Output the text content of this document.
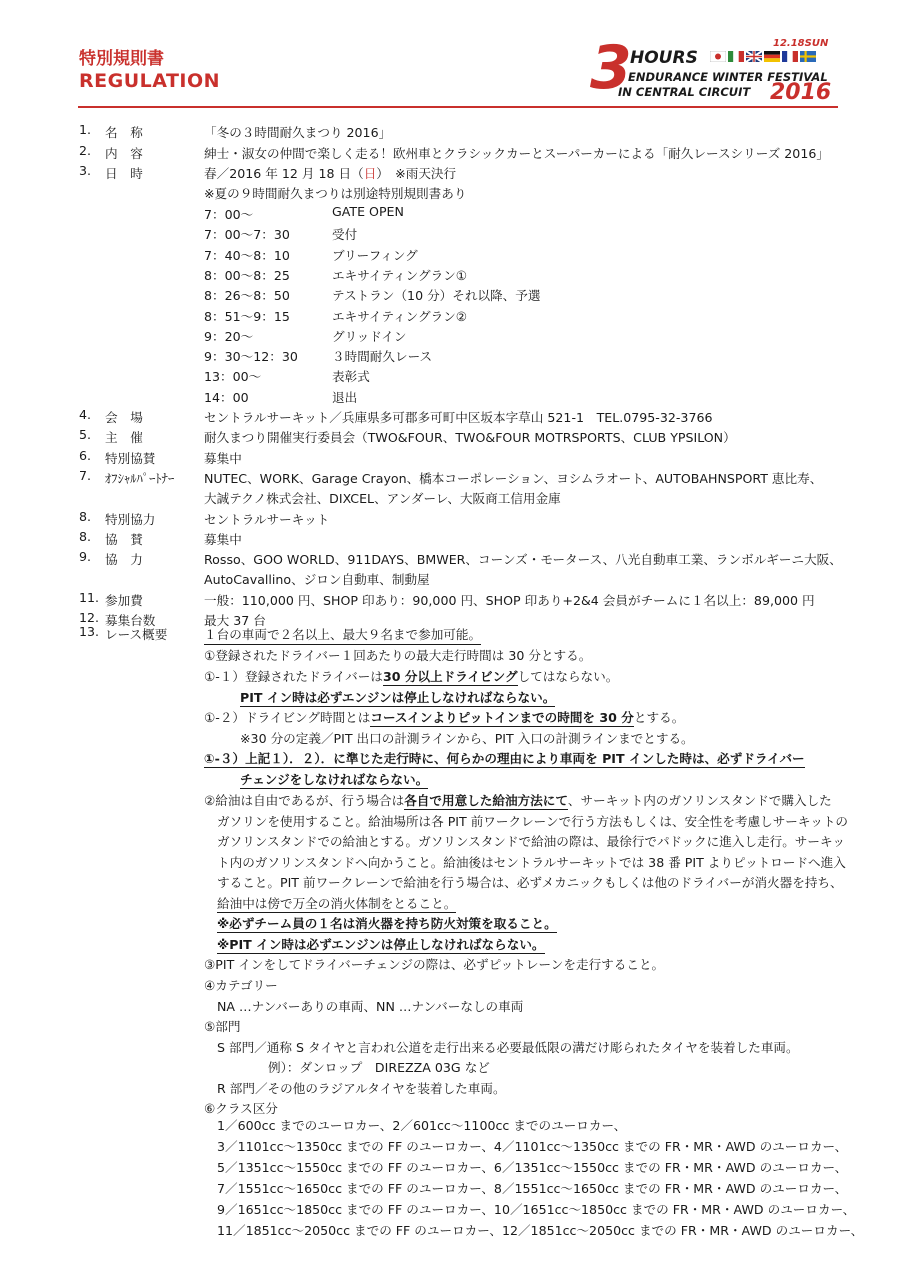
特別規則書
REGULATION	3
HOURS
12.18SUN
ENDURANCE WINTER FESTIVAL
IN CENTRAL CIRCUIT 2016
1. 名　称	「冬の３時間耐久まつり 2016」
2. 内　容	紳士・淑女の仲間で楽しく走る！欧州車とクラシックカーとスーパーカーによる「耐久レースシリーズ 2016」
3. 日　時	春／2016 年 12 月 18 日（日）　※雨天決行
※夏の９時間耐久まつりは別途特別規則書あり
7：00〜	GATE OPEN
7：00〜7：30	受付
7：40〜8：10	ブリーフィング
8：00〜8：25	エキサイティングラン①
8：26〜8：50	テストラン（10 分）それ以降、予選
8：51〜9：15	エキサイティングラン②
9：20〜	グリッドイン
9：30〜12：30	３時間耐久レース
13：00〜	表彰式
14：00	退出
4. 会　場	セントラルサーキット／兵庫県多可郡多可町中区坂本字草山 521-1　TEL.0795-32-3766
5. 主　催	耐久まつり開催実行委員会（TWO&FOUR、TWO&FOUR MOTRSPORTS、CLUB YPSILON）
6. 特別協賛	募集中
7. ｵﾌｼｬﾙﾊﾟｰﾄﾅｰ NUTEC、WORK、Garage Crayon、橋本コーポレーション、ヨシムラオート、AUTOBAHNSPORT 恵比寿、
大誠テクノ株式会社、DIXCEL、アンダーレ、大阪商工信用金庫
8. 特別協力	セントラルサーキット
8. 協　賛	募集中
9. 協　力	Rosso、GOO WORLD、911DAYS、BMWER、コーンズ・モータース、八光自動車工業、ランボルギーニ大阪、
AutoCavallino、ジロン自動車、制動屋
11. 参加費	一般：110,000 円、SHOP 印あり：90,000 円、SHOP 印あり+2&4 会員がチームに１名以上：89,000 円
12. 募集台数	最大 37 台
13. レース概要	１台の車両で２名以上、最大９名まで参加可能。
①登録されたドライバー１回あたりの最大走行時間は 30 分とする。
①-１）登録されたドライバーは30 分以上ドライビングしてはならない。
PIT イン時は必ずエンジンは停止しなければならない。
①-２）ドライビング時間とはコースインよりピットインまでの時間を 30 分とする。
※30 分の定義／PIT 出口の計測ラインから、PIT 入口の計測ラインまでとする。
①-３）上記１）．２）．に準じた走行時に、何らかの理由により車両を PIT インした時は、必ずドライバー
チェンジをしなければならない。
②給油は自由であるが、行う場合は各自で用意した給油方法にて、サーキット内のガソリンスタンドで購入した
ガソリンを使用すること。給油場所は各 PIT 前ワークレーンで行う方法もしくは、安全性を考慮しサーキットの
ガソリンスタンドでの給油とする。ガソリンスタンドで給油の際は、最徐行でパドックに進入し走行。サーキッ
ト内のガソリンスタンドへ向かうこと。給油後はセントラルサーキットでは 38 番 PIT よりピットロードへ進入
すること。PIT 前ワークレーンで給油を行う場合は、必ずメカニックもしくは他のドライバーが消火器を持ち、
給油中は傍で万全の消火体制をとること。
※必ずチーム員の１名は消火器を持ち防火対策を取ること。
※PIT イン時は必ずエンジンは停止しなければならない。
③PIT インをしてドライバーチェンジの際は、必ずピットレーンを走行すること。
④カテゴリー
NA …ナンバーありの車両、NN …ナンバーなしの車両
⑤部門
S 部門／通称 S タイヤと言われ公道を走行出来る必要最低限の溝だけ彫られたタイヤを装着した車両。
例）：ダンロップ　DIREZZA 03G など
R 部門／その他のラジアルタイヤを装着した車両。
⑥クラス区分
1／600cc までのユーロカー、2／601cc〜1100cc までのユーロカー、
3／1101cc〜1350cc までの FF のユーロカー、4／1101cc〜1350cc までの FR・MR・AWD のユーロカー、
5／1351cc〜1550cc までの FF のユーロカー、6／1351cc〜1550cc までの FR・MR・AWD のユーロカー、
7／1551cc〜1650cc までの FF のユーロカー、8／1551cc〜1650cc までの FR・MR・AWD のユーロカー、
9／1651cc〜1850cc までの FF のユーロカー、10／1651cc〜1850cc までの FR・MR・AWD のユーロカー、
11／1851cc〜2050cc までの FF のユーロカー、12／1851cc〜2050cc までの FR・MR・AWD のユーロカー、
